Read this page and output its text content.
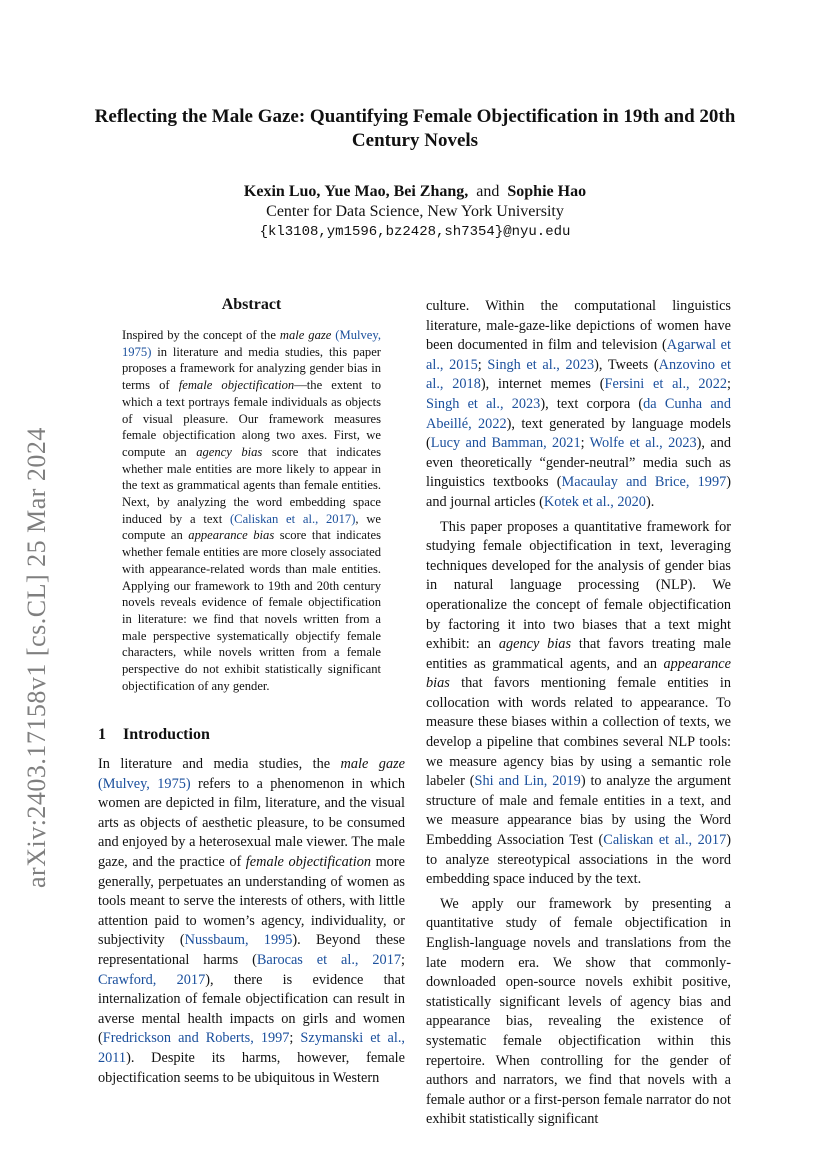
arXiv:2403.17158v1 [cs.CL] 25 Mar 2024
Reflecting the Male Gaze: Quantifying Female Objectification in 19th and 20th Century Novels
Kexin Luo, Yue Mao, Bei Zhang, and Sophie Hao
Center for Data Science, New York University
{kl3108,ym1596,bz2428,sh7354}@nyu.edu
Abstract

Inspired by the concept of the male gaze (Mulvey, 1975) in literature and media studies, this paper proposes a framework for analyzing gender bias in terms of female objectification—the extent to which a text portrays female individuals as objects of visual pleasure. Our framework measures female objectification along two axes. First, we compute an agency bias score that indicates whether male entities are more likely to appear in the text as grammatical agents than female entities. Next, by analyzing the word embedding space induced by a text (Caliskan et al., 2017), we compute an appearance bias score that indicates whether female entities are more closely associated with appearance-related words than male entities. Applying our framework to 19th and 20th century novels reveals evidence of female objectification in literature: we find that novels written from a male perspective systematically objectify female characters, while novels written from a female perspective do not exhibit statistically significant objectification of any gender.

1 Introduction

In literature and media studies, the male gaze (Mulvey, 1975) refers to a phenomenon in which women are depicted in film, literature, and the visual arts as objects of aesthetic pleasure, to be consumed and enjoyed by a heterosexual male viewer. The male gaze, and the practice of female objectification more generally, perpetuates an understanding of women as tools meant to serve the interests of others, with little attention paid to women’s agency, individuality, or subjectivity (Nussbaum, 1995). Beyond these representational harms (Barocas et al., 2017; Crawford, 2017), there is evidence that internalization of female objectification can result in averse mental health impacts on girls and women (Fredrickson and Roberts, 1997; Szymanski et al., 2011). Despite its harms, however, female objectification seems to be ubiquitous in Western

culture. Within the computational linguistics literature, male-gaze-like depictions of women have been documented in film and television (Agarwal et al., 2015; Singh et al., 2023), Tweets (Anzovino et al., 2018), internet memes (Fersini et al., 2022; Singh et al., 2023), text corpora (da Cunha and Abeillé, 2022), text generated by language models (Lucy and Bamman, 2021; Wolfe et al., 2023), and even theoretically “gender-neutral” media such as linguistics textbooks (Macaulay and Brice, 1997) and journal articles (Kotek et al., 2020).

This paper proposes a quantitative framework for studying female objectification in text, leveraging techniques developed for the analysis of gender bias in natural language processing (NLP). We operationalize the concept of female objectification by factoring it into two biases that a text might exhibit: an agency bias that favors treating male entities as grammatical agents, and an appearance bias that favors mentioning female entities in collocation with words related to appearance. To measure these biases within a collection of texts, we develop a pipeline that combines several NLP tools: we measure agency bias by using a semantic role labeler (Shi and Lin, 2019) to analyze the argument structure of male and female entities in a text, and we measure appearance bias by using the Word Embedding Association Test (Caliskan et al., 2017) to analyze stereotypical associations in the word embedding space induced by the text.

We apply our framework by presenting a quantitative study of female objectification in English-language novels and translations from the late modern era. We show that commonly-downloaded open-source novels exhibit positive, statistically significant levels of agency bias and appearance bias, revealing the existence of systematic female objectification within this repertoire. When controlling for the gender of authors and narrators, we find that novels with a female author or a first-person female narrator do not exhibit statistically significant
